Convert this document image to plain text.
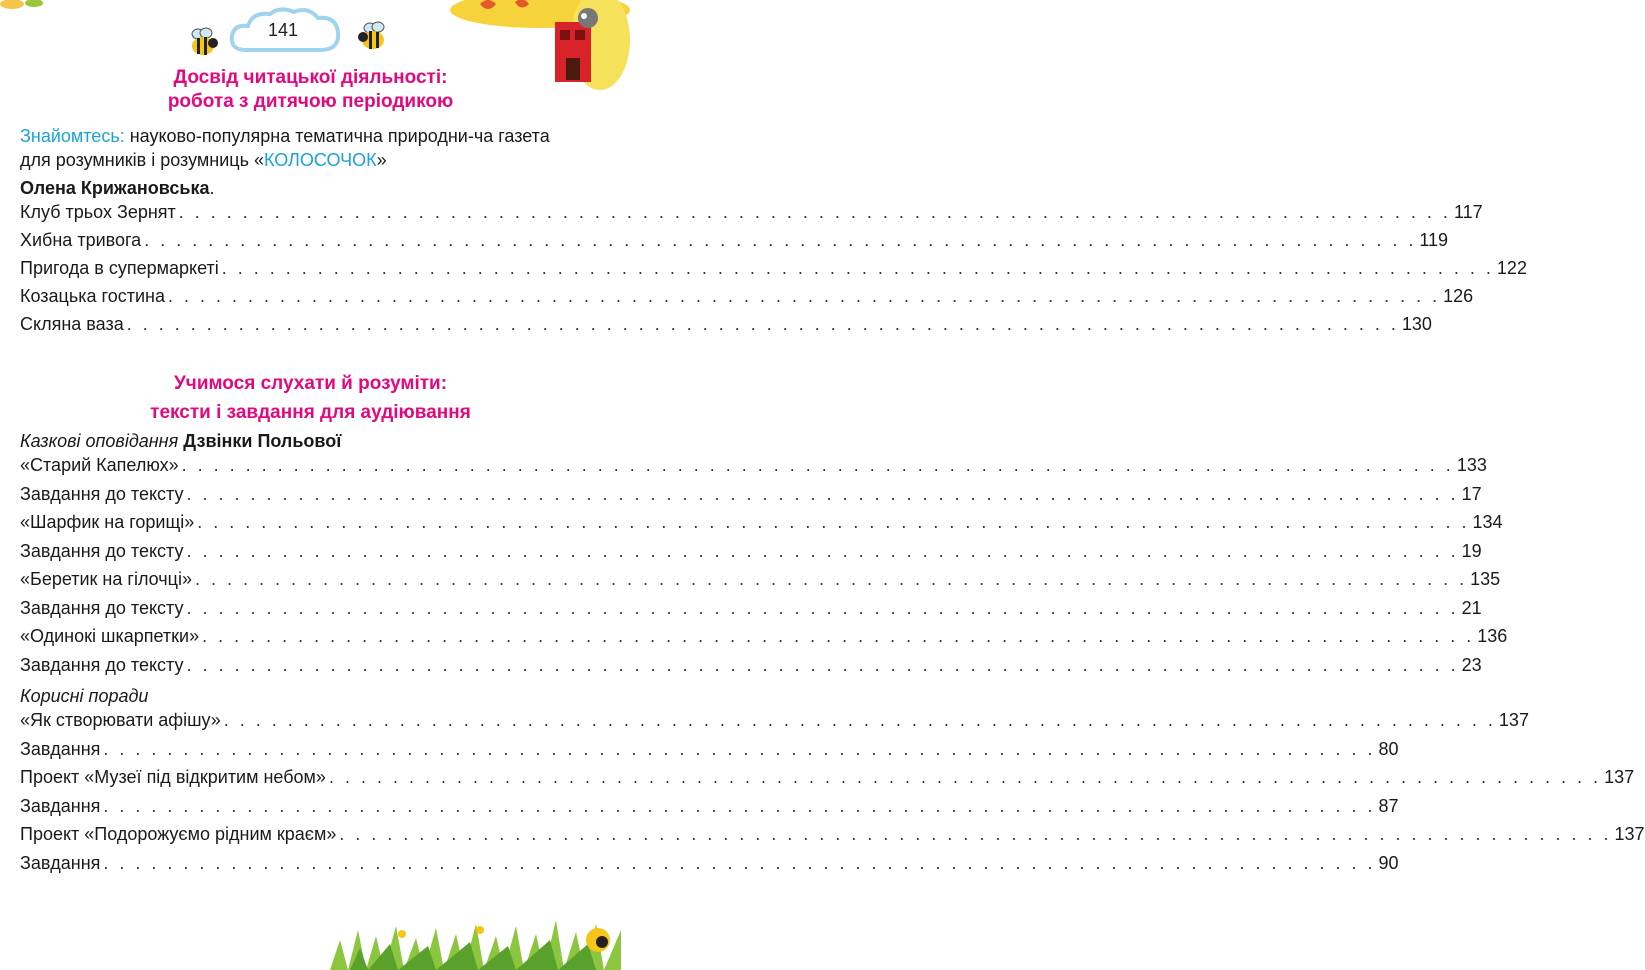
141
Досвід читацької діяльності:
робота з дитячою періодикою
Знайомтесь: науково-популярна тематична природни-ча газета для розумників і розумниць «КОЛОСОЧОК»
Олена Крижановська.
Клуб трьох Зернят . . . . . . . . . . . . . . . . . . . . . . . . . . . . . . . . . . . . . . . . . . . . . . . . . . . . . . . . . . . . . . . . . . . . . . . . . . . . . . . . 117
Хибна тривога . . . . . . . . . . . . . . . . . . . . . . . . . . . . . . . . . . . . . . . . . . . . . . . . . . . . . . . . . . . . . . . . . . . . . . . . . . . . . . . . 119
Пригода в супермаркеті . . . . . . . . . . . . . . . . . . . . . . . . . . . . . . . . . . . . . . . . . . . . . . . . . . . . . . . . . . . . . . . . . . . . . . . . . . . . . . . . 122
Козацька гостина . . . . . . . . . . . . . . . . . . . . . . . . . . . . . . . . . . . . . . . . . . . . . . . . . . . . . . . . . . . . . . . . . . . . . . . . . . . . . . . . 126
Скляна ваза . . . . . . . . . . . . . . . . . . . . . . . . . . . . . . . . . . . . . . . . . . . . . . . . . . . . . . . . . . . . . . . . . . . . . . . . . . . . . . . . 130
Учимося слухати й розуміти:
тексти і завдання для аудіювання
Казкові оповідання Дзвінки Польової
«Старий Капелюх» . . . . . . . . . . . . . . . . . . . . . . . . . . . . . . . . . . . . . . . . . . . . . . . . . . . . . . . . . . . . . . . . . . . . . . . . . . . . . . . . 133
Завдання до тексту . . . . . . . . . . . . . . . . . . . . . . . . . . . . . . . . . . . . . . . . . . . . . . . . . . . . . . . . . . . . . . . . . . . . . . . . . . . . . . . . 17
«Шарфик на горищі» . . . . . . . . . . . . . . . . . . . . . . . . . . . . . . . . . . . . . . . . . . . . . . . . . . . . . . . . . . . . . . . . . . . . . . . . . . . . . . . . 134
Завдання до тексту . . . . . . . . . . . . . . . . . . . . . . . . . . . . . . . . . . . . . . . . . . . . . . . . . . . . . . . . . . . . . . . . . . . . . . . . . . . . . . . . 19
«Беретик на гілочці» . . . . . . . . . . . . . . . . . . . . . . . . . . . . . . . . . . . . . . . . . . . . . . . . . . . . . . . . . . . . . . . . . . . . . . . . . . . . . . . . 135
Завдання до тексту . . . . . . . . . . . . . . . . . . . . . . . . . . . . . . . . . . . . . . . . . . . . . . . . . . . . . . . . . . . . . . . . . . . . . . . . . . . . . . . . 21
«Одинокі шкарпетки» . . . . . . . . . . . . . . . . . . . . . . . . . . . . . . . . . . . . . . . . . . . . . . . . . . . . . . . . . . . . . . . . . . . . . . . . . . . . . . . . 136
Завдання до тексту . . . . . . . . . . . . . . . . . . . . . . . . . . . . . . . . . . . . . . . . . . . . . . . . . . . . . . . . . . . . . . . . . . . . . . . . . . . . . . . . 23
Корисні поради
«Як створювати афішу» . . . . . . . . . . . . . . . . . . . . . . . . . . . . . . . . . . . . . . . . . . . . . . . . . . . . . . . . . . . . . . . . . . . . . . . . . . . . . . . . 137
Завдання . . . . . . . . . . . . . . . . . . . . . . . . . . . . . . . . . . . . . . . . . . . . . . . . . . . . . . . . . . . . . . . . . . . . . . . . . . . . . . . . 80
Проект «Музеї під відкритим небом» . . . . . . . . . . . . . . . . . . . . . . . . . . . . . . . . . . . . . . . . . . . . . . . . . . . . . . . . . . . . . . . . . . . . . . . . . . . . . . . . 137
Завдання . . . . . . . . . . . . . . . . . . . . . . . . . . . . . . . . . . . . . . . . . . . . . . . . . . . . . . . . . . . . . . . . . . . . . . . . . . . . . . . . 87
Проект «Подорожуємо рідним краєм» . . . . . . . . . . . . . . . . . . . . . . . . . . . . . . . . . . . . . . . . . . . . . . . . . . . . . . . . . . . . . . . . . . . . . . . . . . . . . . . . 137
Завдання . . . . . . . . . . . . . . . . . . . . . . . . . . . . . . . . . . . . . . . . . . . . . . . . . . . . . . . . . . . . . . . . . . . . . . . . . . . . . . . . 90
